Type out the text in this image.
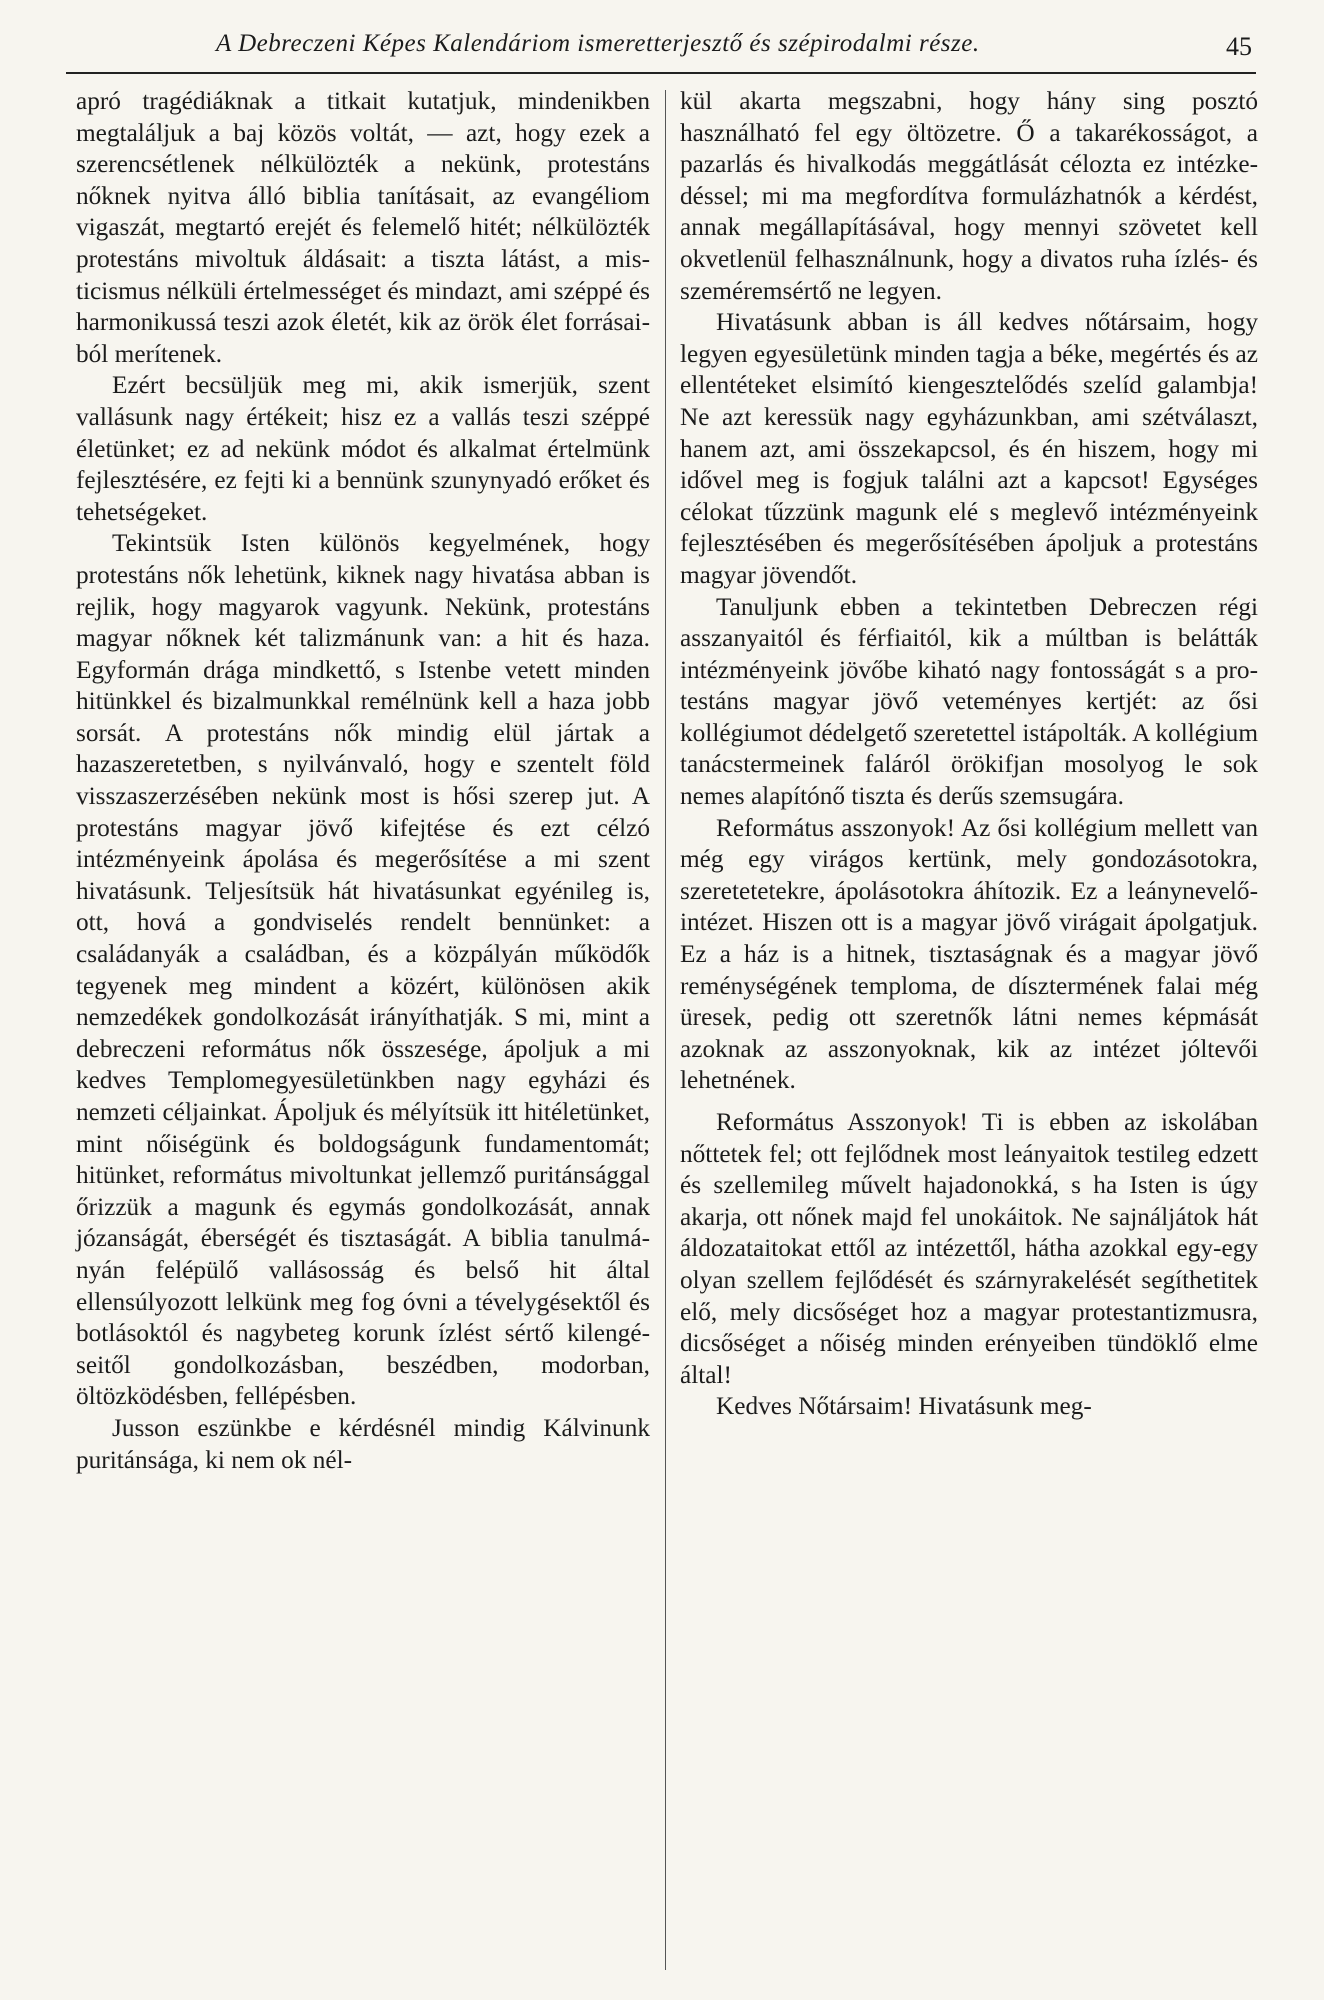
A Debreczeni Képes Kalendáriom ismeretterjesztő és szépirodalmi része.	45

apró tragédiáknak a titkait kutatjuk, mindenikben megtaláljuk a baj közös voltát, — azt, hogy ezek a szerencsétlenek nélkülözték a nekünk, protestáns nőknek nyitva álló biblia tanításait, az evangéliom vigaszát, megtartó erejét és felemelő hitét; nélkülözték protestáns mivoltuk áldásait: a tiszta látást, a misticismus nélküli értelmességet és mindazt, ami széppé és harmonikussá teszi azok életét, kik az örök élet forrásaiból merítenek.

Ezért becsüljük meg mi, akik ismerjük, szent vallásunk nagy értékeit; hisz ez a vallás teszi széppé életünket; ez ad nekünk módot és alkalmat értelmünk fejlesztésére, ez fejti ki a bennünk szunynyadó erőket és tehetségeket.

Tekintsük Isten különös kegyelmének, hogy protestáns nők lehetünk, kiknek nagy hivatása abban is rejlik, hogy magyarok vagyunk. Nekünk, protestáns magyar nőknek két talizmánunk van: a hit és haza. Egyformán drága mindkettő, s Istenbe vetett minden hitünkkel és bizalmunkkal remélnünk kell a haza jobb sorsát. A protestáns nők mindig elül jártak a hazaszeretetben, s nyilvánvaló, hogy e szentelt föld visszaszerzésében nekünk most is hősi szerep jut. A protestáns magyar jövő kifejtése és ezt célzó intézményeink ápolása és megerősítése a mi szent hivatásunk. Teljesítsük hát hivatásunkat egyénileg is, ott, hová a gondviselés rendelt bennünket: a családanyák a családban, és a közpályán működők tegyenek meg mindent a közért, különösen akik nemzedékek gondolkozását irányíthatják. S mi, mint a debreczeni református nők összesége, ápoljuk a mi kedves Templomegyesületünkben nagy egyházi és nemzeti céljainkat. Ápoljuk és mélyítsük itt hitéletünket, mint nőiségünk és boldogságunk fundamentomát; hitünket, református mivoltunkat jellemző puritánsággal őrizzük a magunk és egymás gondolkozását, annak józanságát, éberségét és tisztaságát. A biblia tanulmányán felépülő vallásosság és belső hit által ellensúlyozott lelkünk meg fog óvni a tévelygésektől és botlásoktól és nagybeteg korunk ízlést sértő kilengéseitől gondolkozásban, beszédben, modorban, öltözködésben, fellépésben.

Jusson eszünkbe e kérdésnél mindig Kálvinunk puritánsága, ki nem ok nél-

kül akarta megszabni, hogy hány sing posztó használható fel egy öltözetre. Ő a takarékosságot, a pazarlás és hivalkodás meggátlását célozta ez intézkedéssel; mi ma megfordítva formulázhatnók a kérdést, annak megállapításával, hogy mennyi szövetet kell okvetlenül felhasználnunk, hogy a divatos ruha ízlés- és szeméremsértő ne legyen.

Hivatásunk abban is áll kedves nőtársaim, hogy legyen egyesületünk minden tagja a béke, megértés és az ellentéteket elsimító kiengesztelődés szelíd galambja! Ne azt keressük nagy egyházunkban, ami szétválaszt, hanem azt, ami összekapcsol, és én hiszem, hogy mi idővel meg is fogjuk találni azt a kapcsot! Egységes célokat tűzzünk magunk elé s meglevő intézményeink fejlesztésében és megerősítésében ápoljuk a protestáns magyar jövendőt.

Tanuljunk ebben a tekintetben Debreczen régi asszanyaitól és férfiaitól, kik a múltban is belátták intézményeink jövőbe kiható nagy fontosságát s a protestáns magyar jövő veteményes kertjét: az ősi kollégiumot dédelgető szeretettel istápolták. A kollégium tanácstermeinek faláról örökifjan mosolyog le sok nemes alapítónő tiszta és derűs szemsugára.

Református asszonyok! Az ősi kollégium mellett van még egy virágos kertünk, mely gondozásotokra, szeretetetekre, ápolásotokra áhítozik. Ez a leánynevelő-intézet. Hiszen ott is a magyar jövő virágait ápolgatjuk. Ez a ház is a hitnek, tisztaságnak és a magyar jövő reménységének temploma, de dísztermének falai még üresek, pedig ott szeretnők látni nemes képmását azoknak az asszonyoknak, kik az intézet jóltevői lehetnének.

Református Asszonyok! Ti is ebben az iskolában nőttetek fel; ott fejlődnek most leányaitok testileg edzett és szellemileg művelt hajadonokká, s ha Isten is úgy akarja, ott nőnek majd fel unokáitok. Ne sajnáljátok hát áldozataitokat ettől az intézettől, hátha azokkal egy-egy olyan szellem fejlődését és szárnyrakelését segíthetitek elő, mely dicsőséget hoz a magyar protestantizmusra, dicsőséget a nőiség minden erényeiben tündöklő elme által!

Kedves Nőtársaim! Hivatásunk meg-
